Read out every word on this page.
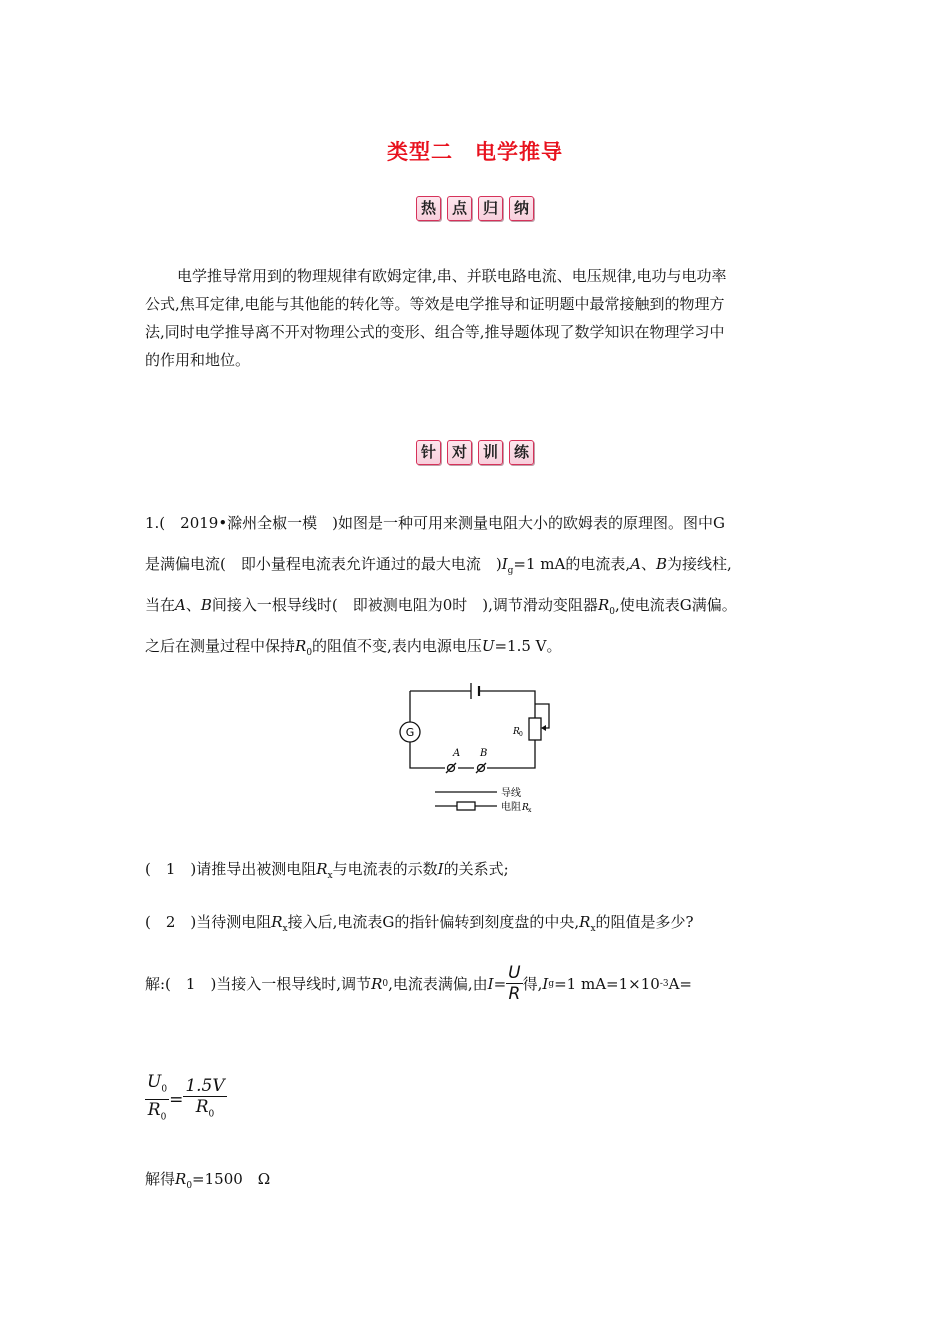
类型二　电学推导
热	点	归	纳
电学推导常用到的物理规律有欧姆定律,串、并联电路电流、电压规律,电功与电功率
公式,焦耳定律,电能与其他能的转化等。等效是电学推导和证明题中最常接触到的物理方
法,同时电学推导离不开对物理公式的变形、组合等,推导题体现了数学知识在物理学习中
的作用和地位。
针	对	训	练
1.(　2019•滁州全椒一模　)如图是一种可用来测量电阻大小的欧姆表的原理图。图中G
是满偏电流(　即小量程电流表允许通过的最大电流　)$I_g=1$ mA的电流表,A、B为接线柱,
当在A、B间接入一根导线时(　即被测电阻为0时　),调节滑动变阻器$R_0$,使电流表G满偏。
之后在测量过程中保持$R_0$的阻值不变,表内电源电压U=1.5 V。
G
A B
R 0
导线
电阻 R x
(　1　)请推导出被测电阻$R_x$与电流表的示数I的关系式;
(　2　)当待测电阻$R_x$接入后,电流表G的指针偏转到刻度盘的中央$,R_x$的阻值是多少?
解:(　1　)当接入一根导线时,调节 R 0 ,电流表满偏,由 $I = \frac{U}{R}$ 得, I g =1 mA=1×10 -3 A=
$\frac{U_0}{R_0} = \frac{1.5V}{R_0}$
解得$R_0=1500$　Ω
